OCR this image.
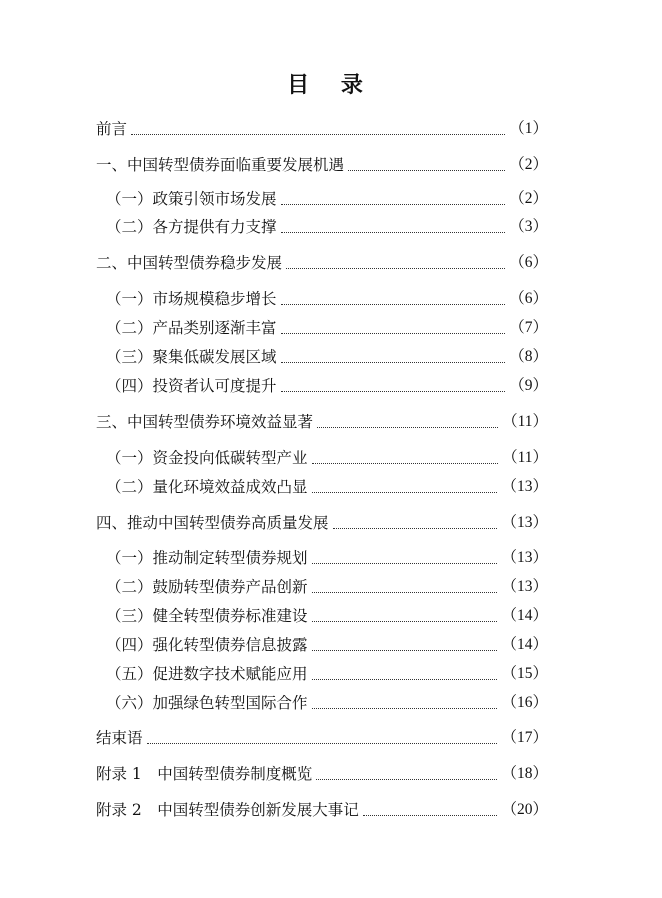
目 录
前言	（1）
一、中国转型债券面临重要发展机遇	（2）
（一）政策引领市场发展	（2）
（二）各方提供有力支撑	（3）
二、中国转型债券稳步发展	（6）
（一）市场规模稳步增长	（6）
（二）产品类别逐渐丰富	（7）
（三）聚集低碳发展区域	（8）
（四）投资者认可度提升	（9）
三、中国转型债券环境效益显著	（11）
（一）资金投向低碳转型产业	（11）
（二）量化环境效益成效凸显	（13）
四、推动中国转型债券高质量发展	（13）
（一）推动制定转型债券规划	（13）
（二）鼓励转型债券产品创新	（13）
（三）健全转型债券标准建设	（14）
（四）强化转型债券信息披露	（14）
（五）促进数字技术赋能应用	（15）
（六）加强绿色转型国际合作	（16）
结束语	（17）
附录 1　中国转型债券制度概览	（18）
附录 2　中国转型债券创新发展大事记	（20）
